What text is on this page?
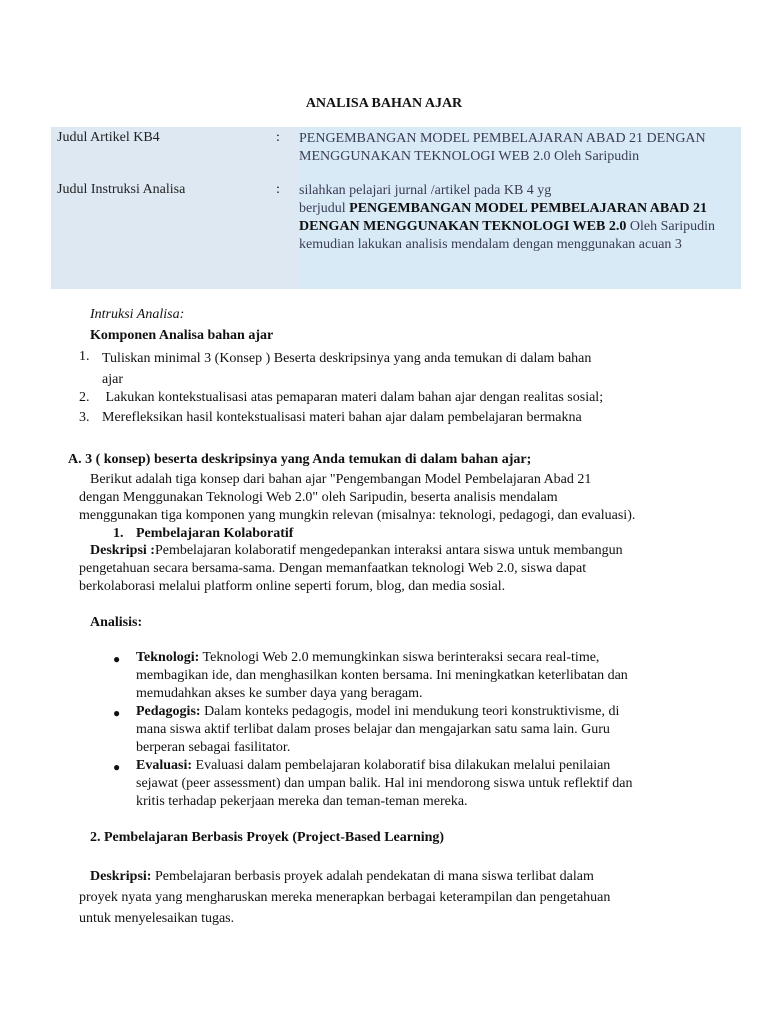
ANALISA BAHAN AJAR
Judul Artikel KB4	: PENGEMBANGAN MODEL PEMBELAJARAN ABAD 21 DENGAN MENGGUNAKAN TEKNOLOGI WEB 2.0 Oleh Saripudin
Judul Instruksi Analisa	: silahkan pelajari jurnal /artikel pada KB 4 yg
berjudul PENGEMBANGAN MODEL PEMBELAJARAN ABAD 21 DENGAN MENGGUNAKAN TEKNOLOGI WEB 2.0 Oleh Saripudin kemudian lakukan analisis mendalam dengan menggunakan acuan 3
Intruksi Analisa:
Komponen Analisa bahan ajar
1. Tuliskan minimal 3 (Konsep ) Beserta deskripsinya yang anda temukan di dalam bahan
ajar
2. Lakukan kontekstualisasi atas pemaparan materi dalam bahan ajar dengan realitas sosial;
3. Merefleksikan hasil kontekstualisasi materi bahan ajar dalam pembelajaran bermakna
A. 3 ( konsep) beserta deskripsinya yang Anda temukan di dalam bahan ajar;
Berikut adalah tiga konsep dari bahan ajar "Pengembangan Model Pembelajaran Abad 21
dengan Menggunakan Teknologi Web 2.0" oleh Saripudin, beserta analisis mendalam
menggunakan tiga komponen yang mungkin relevan (misalnya: teknologi, pedagogi, dan evaluasi).
1. Pembelajaran Kolaboratif
Deskripsi :Pembelajaran kolaboratif mengedepankan interaksi antara siswa untuk membangun
pengetahuan secara bersama-sama. Dengan memanfaatkan teknologi Web 2.0, siswa dapat
berkolaborasi melalui platform online seperti forum, blog, dan media sosial.
Analisis:
● Teknologi: Teknologi Web 2.0 memungkinkan siswa berinteraksi secara real-time,
membagikan ide, dan menghasilkan konten bersama. Ini meningkatkan keterlibatan dan
memudahkan akses ke sumber daya yang beragam.
● Pedagogis: Dalam konteks pedagogis, model ini mendukung teori konstruktivisme, di
mana siswa aktif terlibat dalam proses belajar dan mengajarkan satu sama lain. Guru
berperan sebagai fasilitator.
● Evaluasi: Evaluasi dalam pembelajaran kolaboratif bisa dilakukan melalui penilaian
sejawat (peer assessment) dan umpan balik. Hal ini mendorong siswa untuk reflektif dan
kritis terhadap pekerjaan mereka dan teman-teman mereka.
2. Pembelajaran Berbasis Proyek (Project-Based Learning)
Deskripsi: Pembelajaran berbasis proyek adalah pendekatan di mana siswa terlibat dalam
proyek nyata yang mengharuskan mereka menerapkan berbagai keterampilan dan pengetahuan
untuk menyelesaikan tugas.
